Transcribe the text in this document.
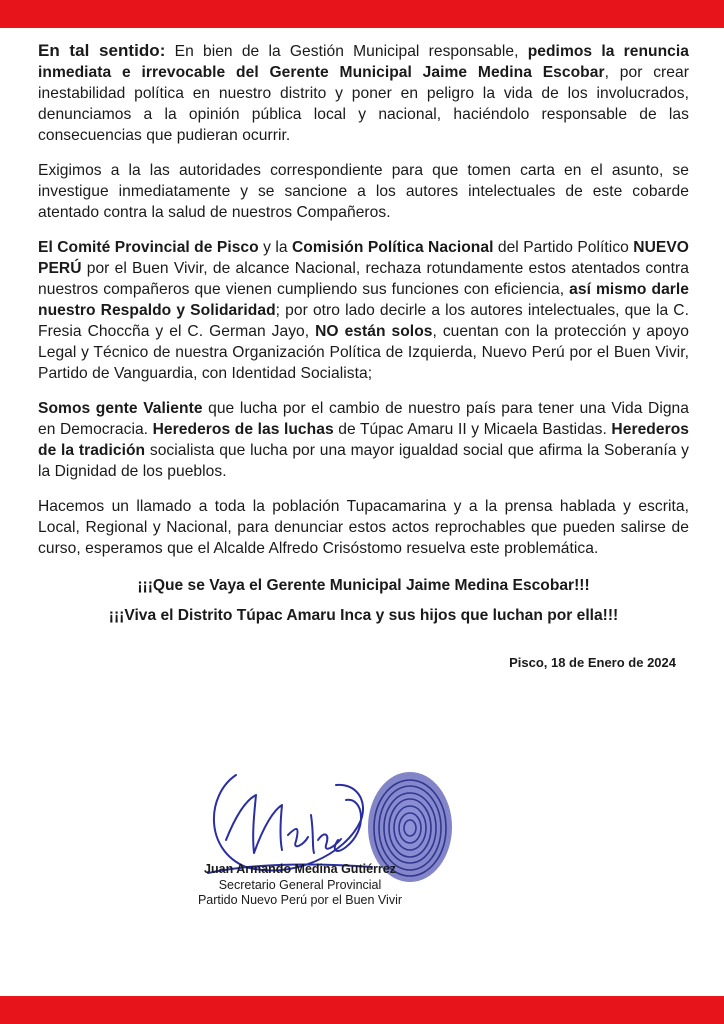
En tal sentido: En bien de la Gestión Municipal responsable, pedimos la renuncia inmediata e irrevocable del Gerente Municipal Jaime Medina Escobar, por crear inestabilidad política en nuestro distrito y poner en peligro la vida de los involucrados, denunciamos a la opinión pública local y nacional, haciéndolo responsable de las consecuencias que pudieran ocurrir.

Exigimos a la las autoridades correspondiente para que tomen carta en el asunto, se investigue inmediatamente y se sancione a los autores intelectuales de este cobarde atentado contra la salud de nuestros Compañeros.

El Comité Provincial de Pisco y la Comisión Política Nacional del Partido Político NUEVO PERÚ por el Buen Vivir, de alcance Nacional, rechaza rotundamente estos atentados contra nuestros compañeros que vienen cumpliendo sus funciones con eficiencia, así mismo darle nuestro Respaldo y Solidaridad; por otro lado decirle a los autores intelectuales, que la C. Fresia Choccña y el C. German Jayo, NO están solos, cuentan con la protección y apoyo Legal y Técnico de nuestra Organización Política de Izquierda, Nuevo Perú por el Buen Vivir, Partido de Vanguardia, con Identidad Socialista;

Somos gente Valiente que lucha por el cambio de nuestro país para tener una Vida Digna en Democracia. Herederos de las luchas de Túpac Amaru II y Micaela Bastidas. Herederos de la tradición socialista que lucha por una mayor igualdad social que afirma la Soberanía y la Dignidad de los pueblos.

Hacemos un llamado a toda la población Tupacamarina y a la prensa hablada y escrita, Local, Regional y Nacional, para denunciar estos actos reprochables que pueden salirse de curso, esperamos que el Alcalde Alfredo Crisóstomo resuelva este problemática.

¡¡¡Que se Vaya el Gerente Municipal Jaime Medina Escobar!!!
¡¡¡Viva el Distrito Túpac Amaru Inca y sus hijos que luchan por ella!!!
Pisco, 18 de Enero de 2024
Juan Armando Medina Gutiérrez
Secretario General Provincial
Partido Nuevo Perú por el Buen Vivir
